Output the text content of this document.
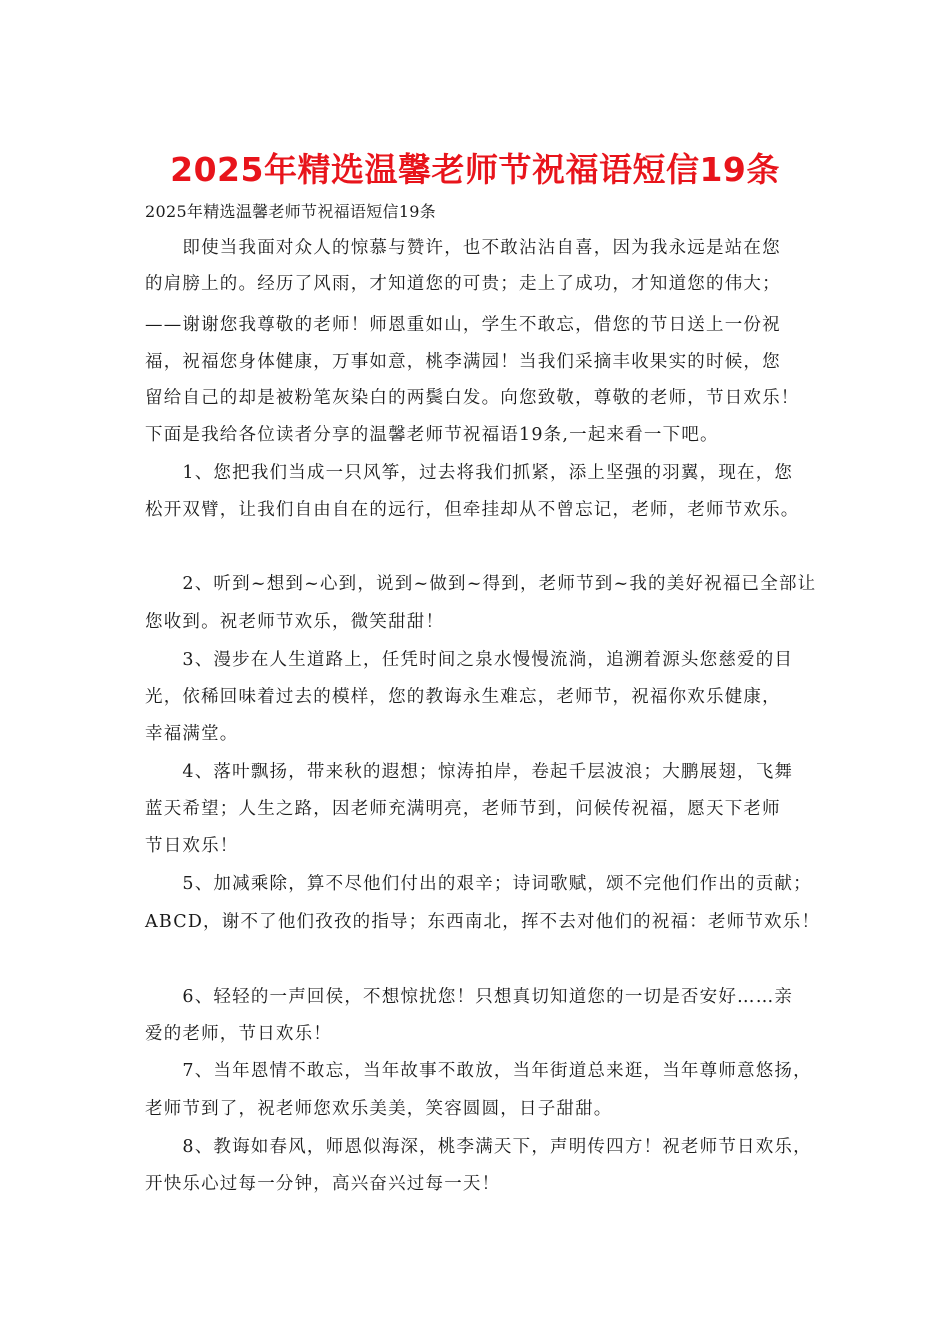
2025年精选温馨老师节祝福语短信19条

2025年精选温馨老师节祝福语短信19条

　　即使当我面对众人的惊慕与赞许，也不敢沾沾自喜，因为我永远是站在您

的肩膀上的。经历了风雨，才知道您的可贵；走上了成功，才知道您的伟大；

——谢谢您我尊敬的老师！师恩重如山，学生不敢忘，借您的节日送上一份祝

福，祝福您身体健康，万事如意，桃李满园！当我们采摘丰收果实的时候，您

留给自己的却是被粉笔灰染白的两鬓白发。向您致敬，尊敬的老师，节日欢乐！

下面是我给各位读者分享的温馨老师节祝福语19条,一起来看一下吧。

　　1、您把我们当成一只风筝，过去将我们抓紧，添上坚强的羽翼，现在，您

松开双臂，让我们自由自在的远行，但牵挂却从不曾忘记，老师，老师节欢乐。

　　2、听到~想到~心到，说到~做到~得到，老师节到~我的美好祝福已全部让

您收到。祝老师节欢乐，微笑甜甜！

　　3、漫步在人生道路上，任凭时间之泉水慢慢流淌，追溯着源头您慈爱的目

光，依稀回味着过去的模样，您的教诲永生难忘，老师节，祝福你欢乐健康，

幸福满堂。

　　4、落叶飘扬，带来秋的遐想；惊涛拍岸，卷起千层波浪；大鹏展翅，飞舞

蓝天希望；人生之路，因老师充满明亮，老师节到，问候传祝福，愿天下老师

节日欢乐！

　　5、加减乘除，算不尽他们付出的艰辛；诗词歌赋，颂不完他们作出的贡献；

ABCD，谢不了他们孜孜的指导；东西南北，挥不去对他们的祝福：老师节欢乐！

　　6、轻轻的一声回侯，不想惊扰您！只想真切知道您的一切是否安好……亲

爱的老师，节日欢乐！

　　7、当年恩情不敢忘，当年故事不敢放，当年街道总来逛，当年尊师意悠扬，

老师节到了，祝老师您欢乐美美，笑容圆圆，日子甜甜。

　　8、教诲如春风，师恩似海深，桃李满天下，声明传四方！祝老师节日欢乐，

开快乐心过每一分钟，高兴奋兴过每一天！
